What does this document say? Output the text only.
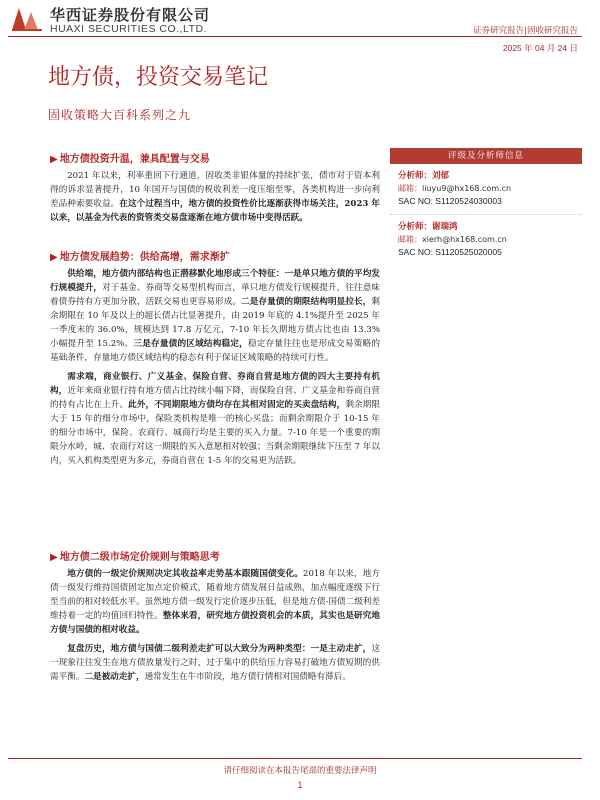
华西证券股份有限公司
HUAXI SECURITIES CO.,LTD.	证券研究报告|固收研究报告
2025 年 04 月 24 日
地方债，投资交易笔记
固收策略大百科系列之九
▶ 地方债投资升温，兼具配置与交易

2021 年以来，利率重回下行通道，固收类非银体量的持续扩张，债市对于资本利得的诉求显著提升，10 年国开与国债的税收利差一度压缩至零，各类机构进一步向利差品种索要收益。在这个过程当中，地方债的投资性价比逐渐获得市场关注，2023 年以来，以基金为代表的资管类交易盘逐渐在地方债市场中变得活跃。

▶ 地方债发展趋势：供给高增，需求渐扩

供给端，地方债内部结构也正潜移默化地形成三个特征：一是单只地方债的平均发行规模提升，对于基金、券商等交易型机构而言，单只地方债发行规模提升，往往意味着债券持有方更加分散，活跃交易也更容易形成。二是存量债的期限结构明显拉长，剩余期限在 10 年及以上的超长债占比显著提升，由 2019 年底的 4.1%提升至 2025 年一季度末的 36.0%，规模达到 17.8 万亿元，7-10 年长久期地方债占比也由 13.3%小幅提升至 15.2%。三是存量债的区域结构稳定，稳定存量往往也是形成交易策略的基础条件，存量地方债区域结构的稳态有利于保证区域策略的持续可行性。

需求端，商业银行、广义基金、保险自营、券商自营是地方债的四大主要持有机构，近年来商业银行持有地方债占比持续小幅下降，而保险自营、广义基金和券商自营的持有占比在上升。此外，不同期限地方债均存在其相对固定的买卖盘结构，剩余期限大于 15 年的细分市场中，保险类机构是唯一的核心买盘；而剩余期限介于 10-15 年的细分市场中，保险、农商行、城商行均是主要的买入力量。7-10 年是一个重要的期限分水岭，城、农商行对这一期限的买入意愿相对较强；当剩余期限继续下压至 7 年以内，买入机构类型更为多元，券商自营在 1-5 年的交易更为活跃。

▶ 地方债二级市场定价规则与策略思考

地方债的一级定价规则决定其收益率走势基本跟随国债变化。2018 年以来，地方债一级发行维持国债固定加点定价模式，随着地方债发展日益成熟，加点幅度逐级下行至当前的相对较低水平。虽然地方债一级发行定价逐步压低，但是地方债-国债二级利差维持着一定的均值回归特性。整体来看，研究地方债投资机会的本质，其实也是研究地方债与国债的相对收益。

复盘历史，地方债与国债二级利差走扩可以大致分为两种类型：一是主动走扩，这一现象往往发生在地方债放量发行之时，过于集中的供给压力容易打破地方债短期的供需平衡。二是被动走扩，通常发生在牛市阶段，地方债行情相对国债略有滞后。

评级及分析师信息
分析师：刘郁
邮箱：liuyu9@hx168.com.cn
SAC NO: S1120524030003
分析师：谢瑞鸿
邮箱：xierh@hx168.com.cn
SAC NO: S1120525020005
请仔细阅读在本报告尾部的重要法律声明
1
